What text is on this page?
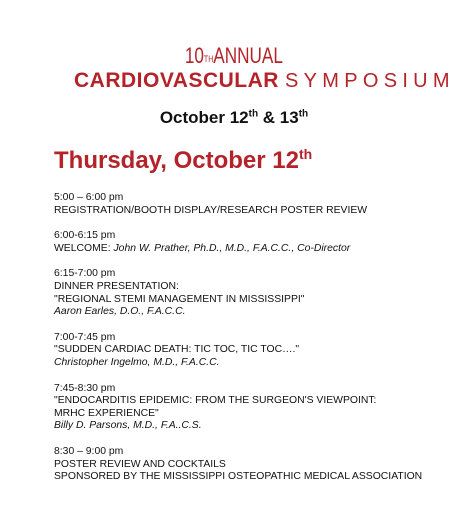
10THANNUAL
CARDIOVASCULAR SYMPOSIUM
October 12th & 13th
Thursday, October 12th
5:00 – 6:00 pm
REGISTRATION/BOOTH DISPLAY/RESEARCH POSTER REVIEW
6:00-6:15 pm
WELCOME: John W. Prather, Ph.D., M.D., F.A.C.C., Co-Director
6:15-7:00 pm
DINNER PRESENTATION:
"REGIONAL STEMI MANAGEMENT IN MISSISSIPPI"
Aaron Earles, D.O., F.A.C.C.
7:00-7:45 pm
"SUDDEN CARDIAC DEATH: TIC TOC, TIC TOC…."
Christopher Ingelmo, M.D., F.A.C.C.
7:45-8:30 pm
"ENDOCARDITIS EPIDEMIC: FROM THE SURGEON'S VIEWPOINT:
MRHC EXPERIENCE"
Billy D. Parsons, M.D., F.A..C.S.
8:30 – 9:00 pm
POSTER REVIEW AND COCKTAILS
SPONSORED BY THE MISSISSIPPI OSTEOPATHIC MEDICAL ASSOCIATION
